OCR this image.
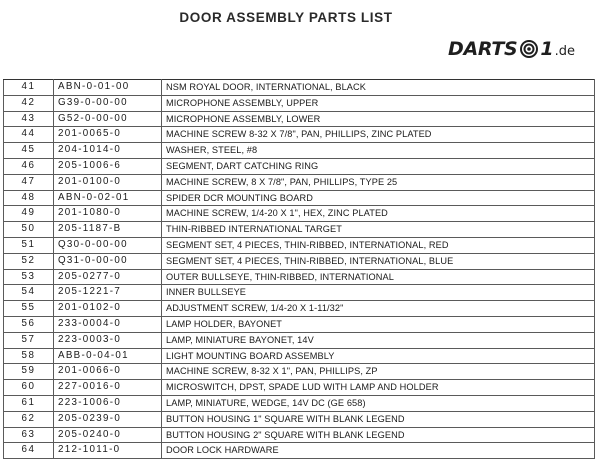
DOOR ASSEMBLY PARTS LIST
DARTS 1 .de
41	ABN-0-01-00	NSM ROYAL DOOR, INTERNATIONAL, BLACK
42	G39-0-00-00	MICROPHONE ASSEMBLY, UPPER
43	G52-0-00-00	MICROPHONE ASSEMBLY, LOWER
44	201-0065-0	MACHINE SCREW 8-32 X 7/8", PAN, PHILLIPS, ZINC PLATED
45	204-1014-0	WASHER, STEEL, #8
46	205-1006-6	SEGMENT, DART CATCHING RING
47	201-0100-0	MACHINE SCREW, 8 X 7/8", PAN, PHILLIPS, TYPE 25
48	ABN-0-02-01	SPIDER DCR MOUNTING BOARD
49	201-1080-0	MACHINE SCREW, 1/4-20 X 1", HEX, ZINC PLATED
50	205-1187-B	THIN-RIBBED INTERNATIONAL TARGET
51	Q30-0-00-00	SEGMENT SET, 4 PIECES, THIN-RIBBED, INTERNATIONAL, RED
52	Q31-0-00-00	SEGMENT SET, 4 PIECES, THIN-RIBBED, INTERNATIONAL, BLUE
53	205-0277-0	OUTER BULLSEYE, THIN-RIBBED, INTERNATIONAL
54	205-1221-7	INNER BULLSEYE
55	201-0102-0	ADJUSTMENT SCREW, 1/4-20 X 1-11/32"
56	233-0004-0	LAMP HOLDER, BAYONET
57	223-0003-0	LAMP, MINIATURE BAYONET, 14V
58	ABB-0-04-01	LIGHT MOUNTING BOARD ASSEMBLY
59	201-0066-0	MACHINE SCREW, 8-32 X 1", PAN, PHILLIPS, ZP
60	227-0016-0	MICROSWITCH, DPST, SPADE LUD WITH LAMP AND HOLDER
61	223-1006-0	LAMP, MINIATURE, WEDGE, 14V DC (GE 658)
62	205-0239-0	BUTTON HOUSING 1" SQUARE WITH BLANK LEGEND
63	205-0240-0	BUTTON HOUSING 2" SQUARE WITH BLANK LEGEND
64	212-1011-0	DOOR LOCK HARDWARE
